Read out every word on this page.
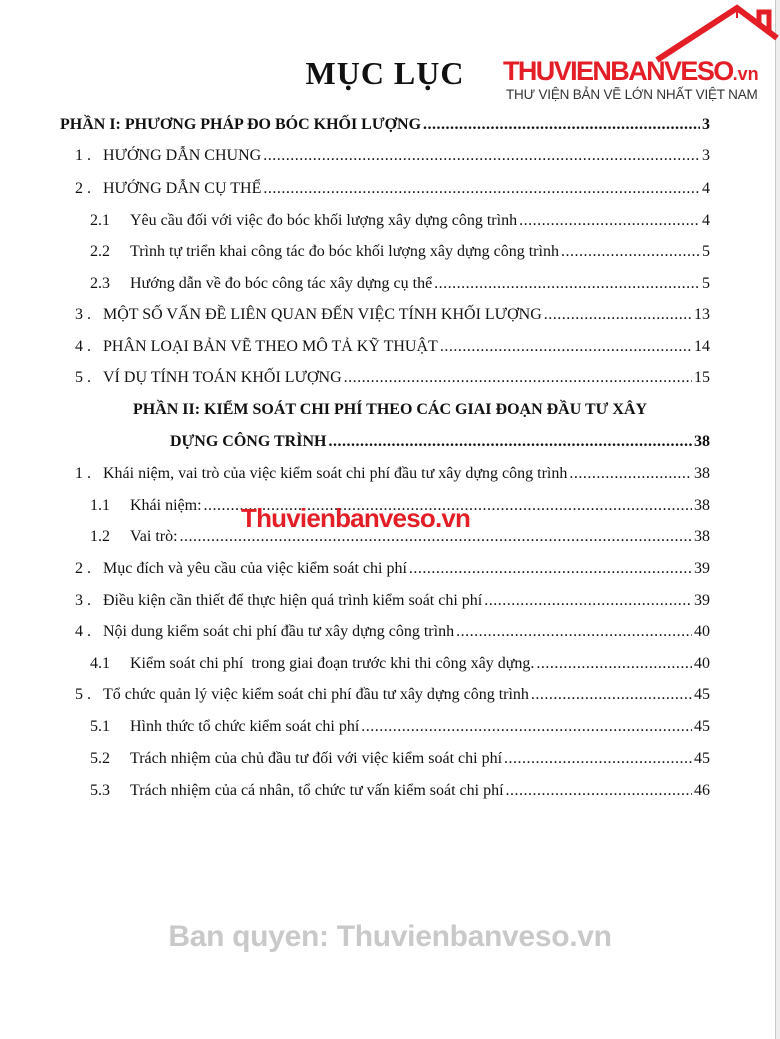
MỤC LỤC	THUVIENBANVESO.vn
THƯ VIỆN BẢN VẼ LỚN NHẤT VIỆT NAM
PHẦN I: PHƯƠNG PHÁP ĐO BÓC KHỐI LƯỢNG .....	3
1 . HƯỚNG DẪN CHUNG .....	3
2 . HƯỚNG DẪN CỤ THỂ .....	4
2.1	Yêu cầu đối với việc đo bóc khối lượng xây dựng công trình .....	4
2.2	Trình tự triển khai công tác đo bóc khối lượng xây dựng công trình .....	5
2.3	Hướng dẫn về đo bóc công tác xây dựng cụ thể .....	5
3 . MỘT SỐ VẤN ĐỀ LIÊN QUAN ĐẾN VIỆC TÍNH KHỐI LƯỢNG .....	13
4 . PHÂN LOẠI BẢN VẼ THEO MÔ TẢ KỸ THUẬT .....	14
5 . VÍ DỤ TÍNH TOÁN KHỐI LƯỢNG .....	15
PHẦN II: KIỂM SOÁT CHI PHÍ THEO CÁC GIAI ĐOẠN ĐẦU TƯ XÂY
DỰNG CÔNG TRÌNH .....	38
1 . Khái niệm, vai trò của việc kiểm soát chi phí đầu tư xây dựng công trình .....	38
1.1	Khái niệm: .....	38
1.2	Vai trò: .....	38
2 . Mục đích và yêu cầu của việc kiểm soát chi phí .....	39
3 . Điều kiện cần thiết để thực hiện quá trình kiểm soát chi phí .....	39
4 . Nội dung kiểm soát chi phí đầu tư xây dựng công trình .....	40
4.1	Kiểm soát chi phí  trong giai đoạn trước khi thi công xây dựng. .....	40
5 . Tổ chức quản lý việc kiểm soát chi phí đầu tư xây dựng công trình .....	45
5.1	Hình thức tổ chức kiểm soát chi phí .....	45
5.2	Trách nhiệm của chủ đầu tư đối với việc kiểm soát chi phí .....	45
5.3	Trách nhiệm của cá nhân, tổ chức tư vấn kiểm soát chi phí .....	46
Thuvienbanveso.vn
Ban quyen: Thuvienbanveso.vn
